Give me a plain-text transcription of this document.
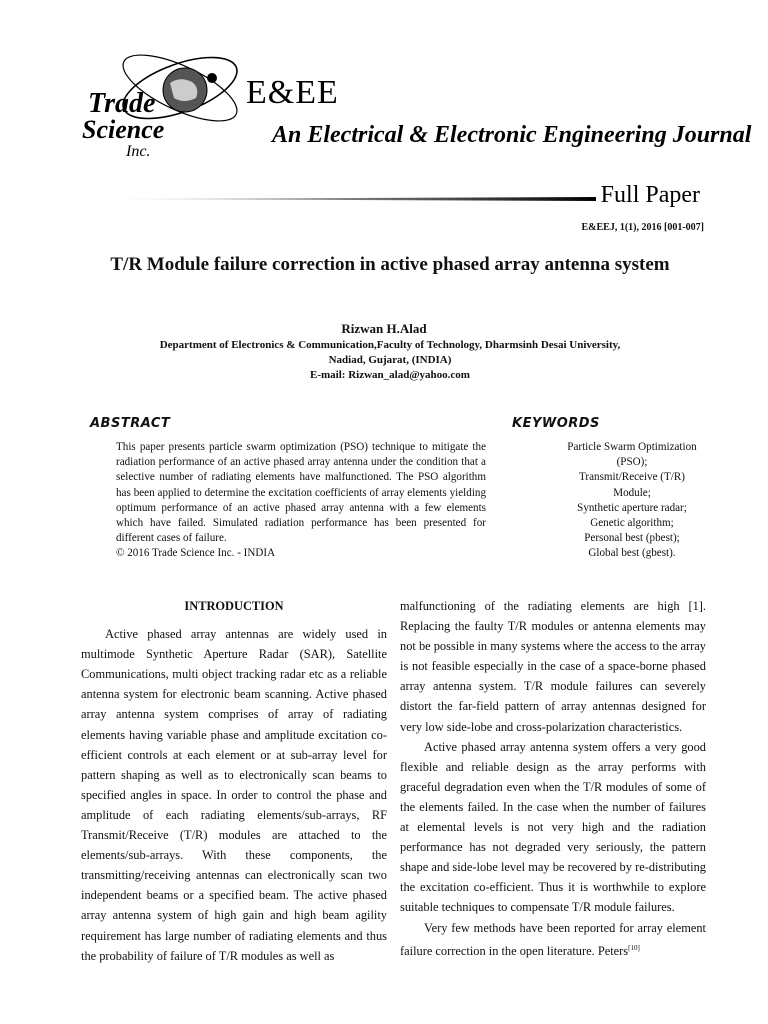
Trade
Science
Inc.
E&EE
An Electrical & Electronic Engineering Journal
Full Paper
E&EEJ, 1(1), 2016 [001-007]
T/R Module failure correction in active phased array antenna system
Rizwan H.Alad
Department of Electronics & Communication,Faculty of Technology, Dharmsinh Desai University,
Nadiad, Gujarat, (INDIA)
E-mail: Rizwan_alad@yahoo.com
ABSTRACT	KEYWORDS

This paper presents particle swarm optimization (PSO) technique to mitigate the radiation performance of an active phased array antenna under the condition that a selective number of radiating elements have malfunctioned. The PSO algorithm has been applied to determine the excitation coefficients of array elements yielding optimum performance of an active phased array antenna with a few elements which have failed. Simulated radiation performance has been presented for different cases of failure.

© 2016 Trade Science Inc. - INDIA

Particle Swarm Optimization
(PSO);
Transmit/Receive (T/R)
Module;
Synthetic aperture radar;
Genetic algorithm;
Personal best (pbest);
Global best (gbest).

INTRODUCTION

Active phased array antennas are widely used in multimode Synthetic Aperture Radar (SAR), Satellite Communications, multi object tracking radar etc as a reliable antenna system for electronic beam scanning. Active phased array antenna system comprises of array of radiating elements having variable phase and amplitude excitation co-efficient controls at each element or at sub-array level for pattern shaping as well as to electronically scan beams to specified angles in space. In order to control the phase and amplitude of each radiating elements/sub-arrays, RF Transmit/Receive (T/R) modules are attached to the elements/sub-arrays. With these components, the transmitting/receiving antennas can electronically scan two independent beams or a specified beam. The active phased array antenna system of high gain and high beam agility requirement has large number of radiating elements and thus the probability of failure of T/R modules as well as

malfunctioning of the radiating elements are high [1]. Replacing the faulty T/R modules or antenna elements may not be possible in many systems where the access to the array is not feasible especially in the case of a space-borne phased array antenna system. T/R module failures can severely distort the far-field pattern of array antennas designed for very low side-lobe and cross-polarization characteristics.

Active phased array antenna system offers a very good flexible and reliable design as the array performs with graceful degradation even when the T/R modules of some of the elements failed. In the case when the number of failures at elemental levels is not very high and the radiation performance has not degraded very seriously, the pattern shape and side-lobe level may be recovered by re-distributing the excitation co-efficient. Thus it is worthwhile to explore suitable techniques to compensate T/R module failures.

Very few methods have been reported for array element failure correction in the open literature. Peters[10]
